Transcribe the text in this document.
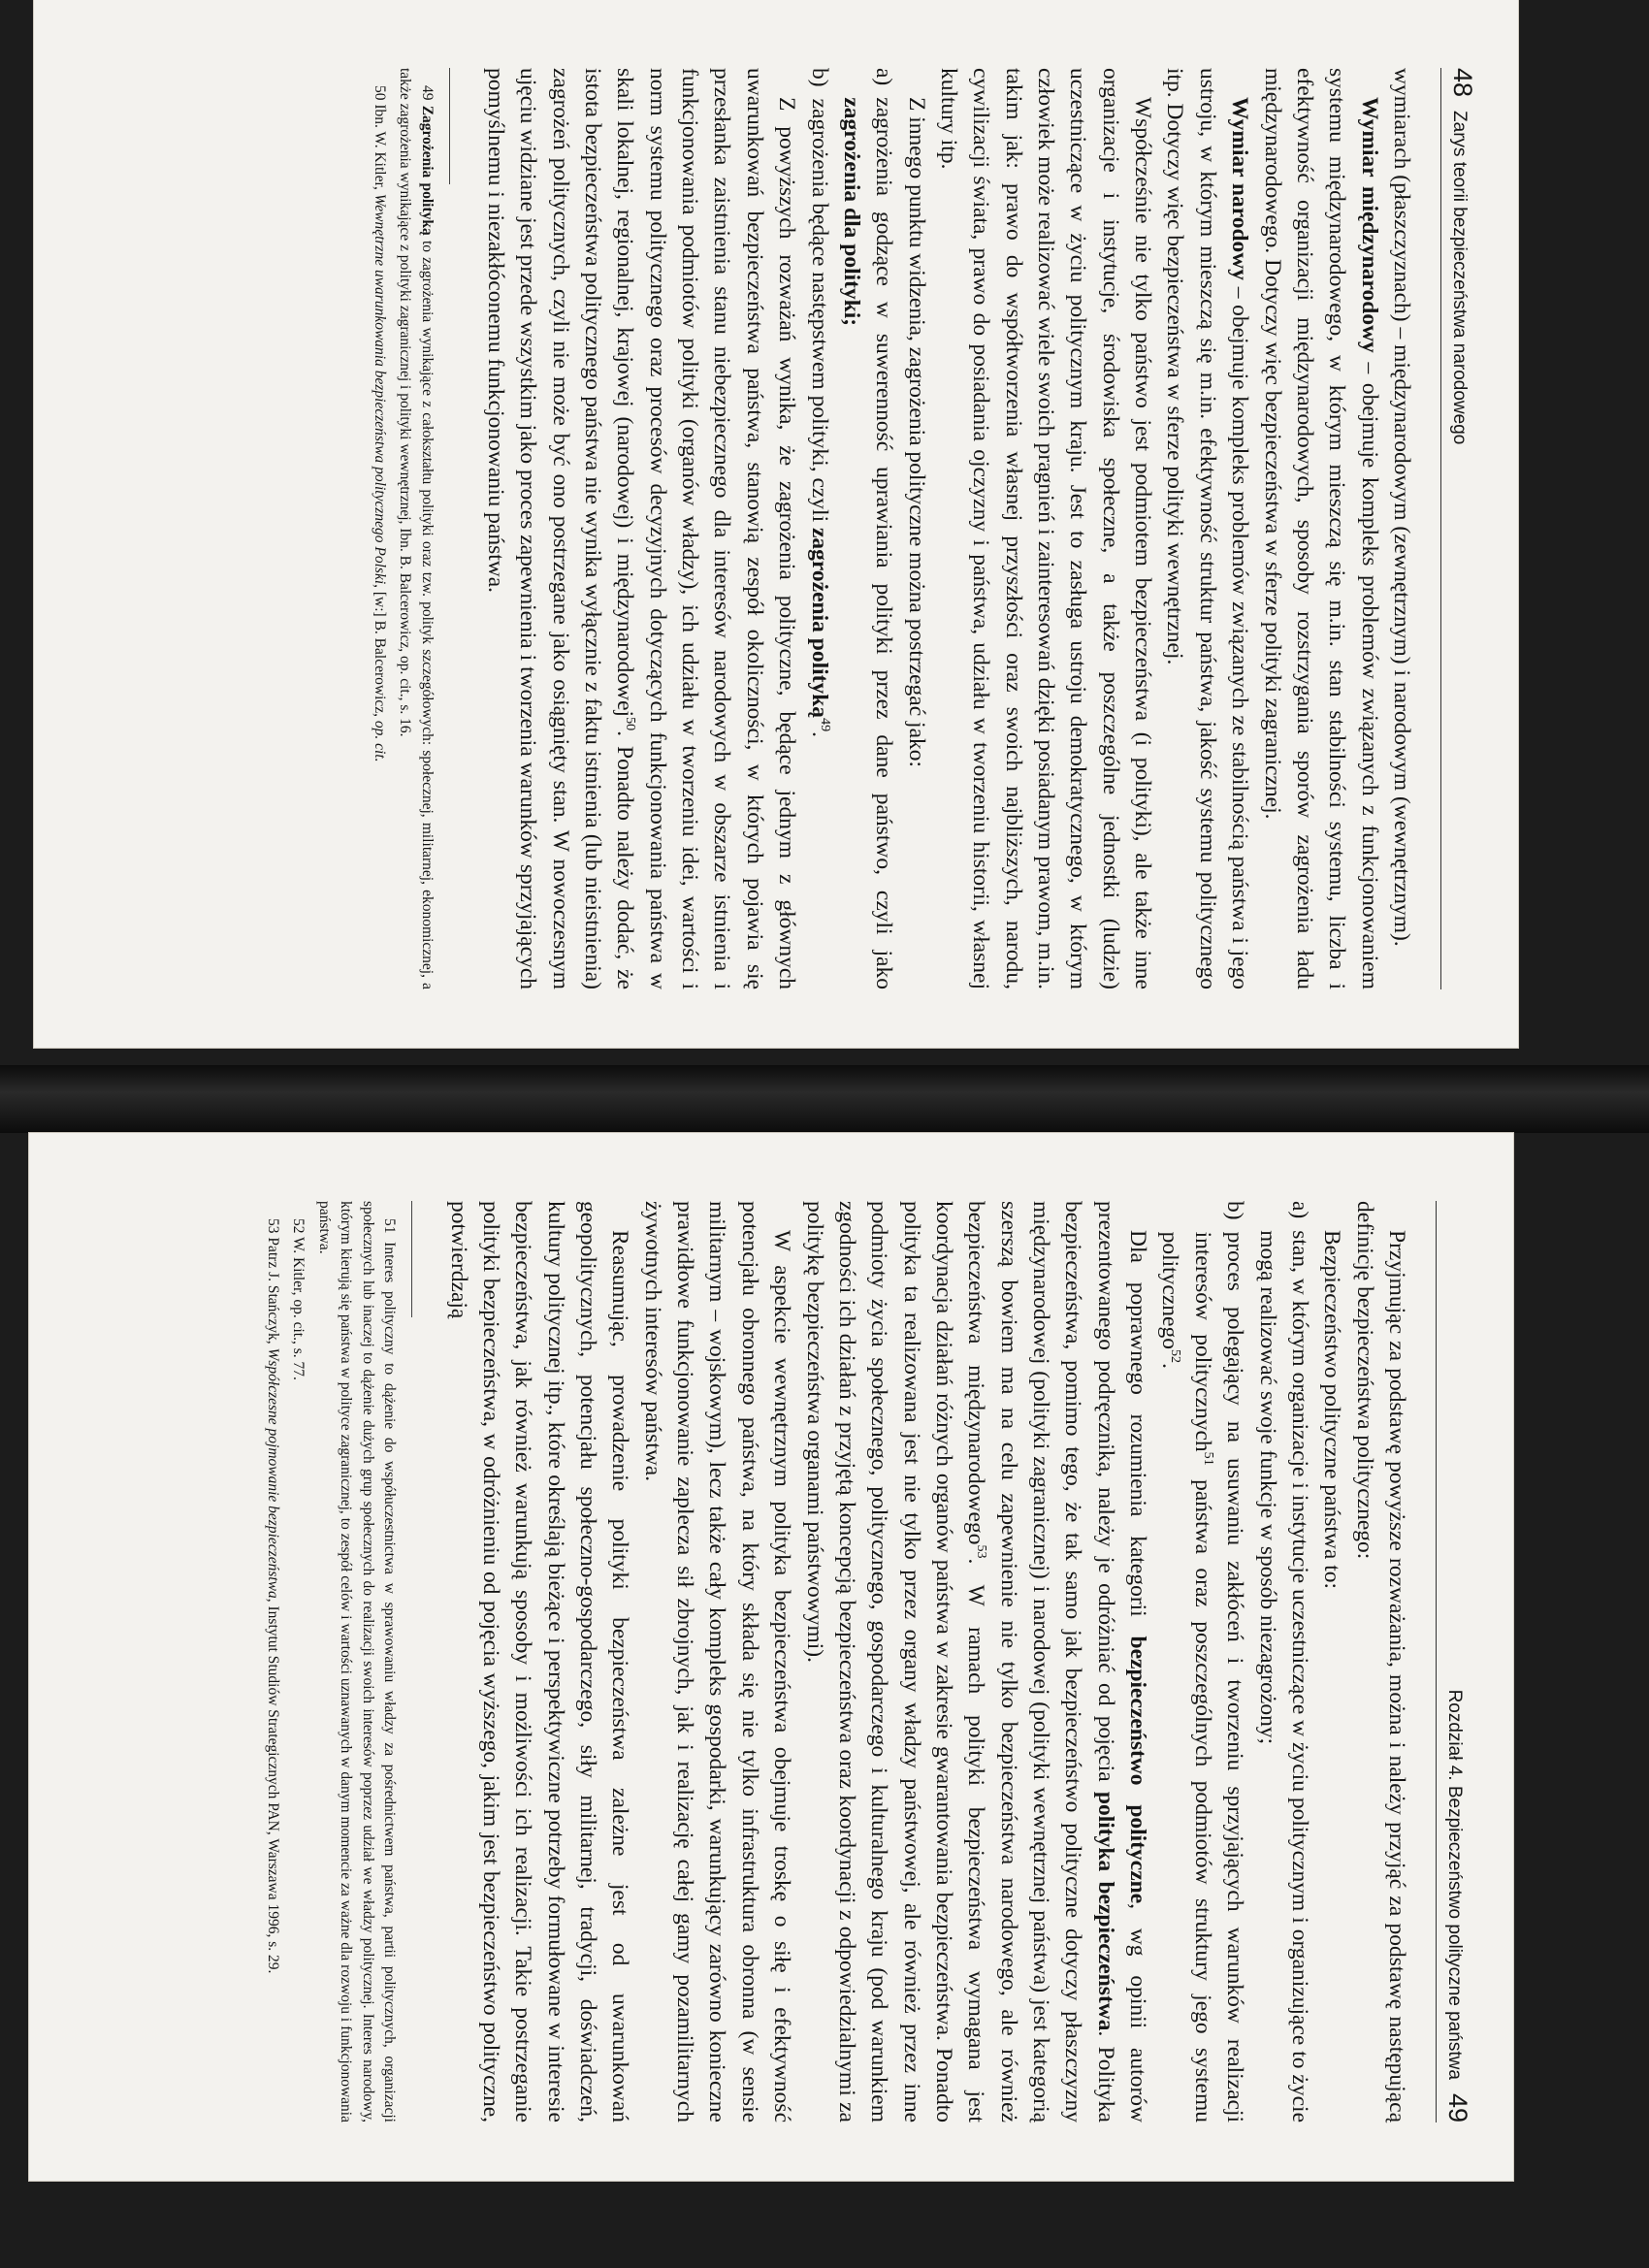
48
Zarys teorii bezpieczeństwa narodowego

wymiarach (płaszczyznach) – międzynarodowym (zewnętrznym) i narodowym (wewnętrznym).

Wymiar międzynarodowy – obejmuje kompleks problemów związanych z funkcjonowaniem systemu międzynarodowego, w którym mieszczą się m.in. stan stabilności systemu, liczba i efektywność organizacji międzynarodowych, sposoby rozstrzygania sporów zagrożenia ładu międzynarodowego. Dotyczy więc bezpieczeństwa w sferze polityki zagranicznej.

Wymiar narodowy – obejmuje kompleks problemów związanych ze stabilnością państwa i jego ustroju, w którym mieszczą się m.in. efektywność struktur państwa, jakość systemu politycznego itp. Dotyczy więc bezpieczeństwa w sferze polityki wewnętrznej.

Współcześnie nie tylko państwo jest podmiotem bezpieczeństwa (i polityki), ale także inne organizacje i instytucje, środowiska społeczne, a także poszczególne jednostki (ludzie) uczestniczące w życiu politycznym kraju. Jest to zasługa ustroju demokratycznego, w którym człowiek może realizować wiele swoich pragnień i zainteresowań dzięki posiadanym prawom, m.in. takim jak: prawo do współtworzenia własnej przyszłości oraz swoich najbliższych, narodu, cywilizacji świata, prawo do posiadania ojczyzny i państwa, udziału w tworzeniu historii, własnej kultury itp.

Z innego punktu widzenia, zagrożenia polityczne można postrzegać jako:

a)
zagrożenia godzące w suwerenność uprawiania polityki przez dane państwo, czyli jako zagrożenia dla polityki;
b)
zagrożenia będące następstwem polityki, czyli zagrożenia polityką$^{49}$.

Z powyższych rozważań wynika, że zagrożenia polityczne, będące jednym z głównych uwarunkowań bezpieczeństwa państwa, stanowią zespół okoliczności, w których pojawia się przesłanka zaistnienia stanu niebezpiecznego dla interesów narodowych w obszarze istnienia i funkcjonowania podmiotów polityki (organów władzy), ich udziału w tworzeniu idei, wartości i norm systemu politycznego oraz procesów decyzyjnych dotyczących funkcjonowania państwa w skali lokalnej, regionalnej, krajowej (narodowej) i międzynarodowej$^{50}$. Ponadto należy dodać, że istota bezpieczeństwa politycznego państwa nie wynika wyłącznie z faktu istnienia (lub nieistnienia) zagrożeń politycznych, czyli nie może być ono postrzegane jako osiągnięty stan. W nowoczesnym ujęciu widziane jest przede wszystkim jako proces zapewnienia i tworzenia warunków sprzyjających pomyślnemu i niezakłóconemu funkcjonowaniu państwa.

49 Zagrożenia polityką to zagrożenia wynikające z całokształtu polityki oraz tzw. polityk szczegółowych: społecznej, militarnej, ekonomicznej, a także zagrożenia wynikające z polityki zagranicznej i polityki wewnętrznej, Ibn. B. Balcerowicz, op. cit., s. 16.

50 Ibn. W. Kitler, Wewnętrzne uwarunkowania bezpieczeństwa politycznego Polski, [w:] B. Balcerowicz, op. cit.

Rozdział 4. Bezpieczeństwo polityczne państwa
49

Przyjmując za podstawę powyższe rozważania, można i należy przyjąć za podstawę następującą definicję bezpieczeństwa politycznego:

Bezpieczeństwo polityczne państwa to:

a)
stan, w którym organizacje i instytucje uczestniczące w życiu politycznym i organizujące to życie mogą realizować swoje funkcje w sposób niezagrożony;
b)
proces polegający na usuwaniu zakłóceń i tworzeniu sprzyjających warunków realizacji interesów politycznych$^{51}$ państwa oraz poszczególnych podmiotów struktury jego systemu politycznego$^{52}$.

Dla poprawnego rozumienia kategorii bezpieczeństwo polityczne, wg opinii autorów prezentowanego podręcznika, należy je odróżniać od pojęcia polityka bezpieczeństwa. Polityka bezpieczeństwa, pomimo tego, że tak samo jak bezpieczeństwo polityczne dotyczy płaszczyzny międzynarodowej (polityki zagranicznej) i narodowej (polityki wewnętrznej państwa) jest kategorią szerszą bowiem ma na celu zapewnienie nie tylko bezpieczeństwa narodowego, ale również bezpieczeństwa międzynarodowego$^{53}$. W ramach polityki bezpieczeństwa wymagana jest koordynacja działań różnych organów państwa w zakresie gwarantowania bezpieczeństwa. Ponadto polityka ta realizowana jest nie tylko przez organy władzy państwowej, ale również przez inne podmioty życia społecznego, politycznego, gospodarczego i kulturalnego kraju (pod warunkiem zgodności ich działań z przyjętą koncepcją bezpieczeństwa oraz koordynacji z odpowiedzialnymi za politykę bezpieczeństwa organami państwowymi).

W aspekcie wewnętrznym polityka bezpieczeństwa obejmuje troskę o siłę i efektywność potencjału obronnego państwa, na który składa się nie tylko infrastruktura obronna (w sensie militarnym – wojskowym), lecz także cały kompleks gospodarki, warunkujący zarówno konieczne prawidłowe funkcjonowanie zaplecza sił zbrojnych, jak i realizację całej gamy pozamilitarnych żywotnych interesów państwa.

Reasumując, prowadzenie polityki bezpieczeństwa zależne jest od uwarunkowań geopolitycznych, potencjału społeczno-gospodarczego, siły militarnej, tradycji, doświadczeń, kultury politycznej itp., które określają bieżące i perspektywiczne potrzeby formułowane w interesie bezpieczeństwa, jak również warunkują sposoby i możliwości ich realizacji. Takie postrzeganie polityki bezpieczeństwa, w odróżnieniu od pojęcia wyższego, jakim jest bezpieczeństwo polityczne, potwierdzają

51 Interes polityczny to dążenie do współuczestnictwa w sprawowaniu władzy za pośrednictwem państwa, partii politycznych, organizacji społecznych lub inaczej to dążenie dużych grup społecznych do realizacji swoich interesów poprzez udział we władzy politycznej. Interes narodowy, którym kierują się państwa w polityce zagranicznej, to zespół celów i wartości uznawanych w danym momencie za ważne dla rozwoju i funkcjonowania państwa.

52 W. Kitler, op. cit., s. 77.

53 Patrz J. Stańczyk, Współczesne pojmowanie bezpieczeństwa, Instytut Studiów Strategicznych PAN, Warszawa 1996, s. 29.
